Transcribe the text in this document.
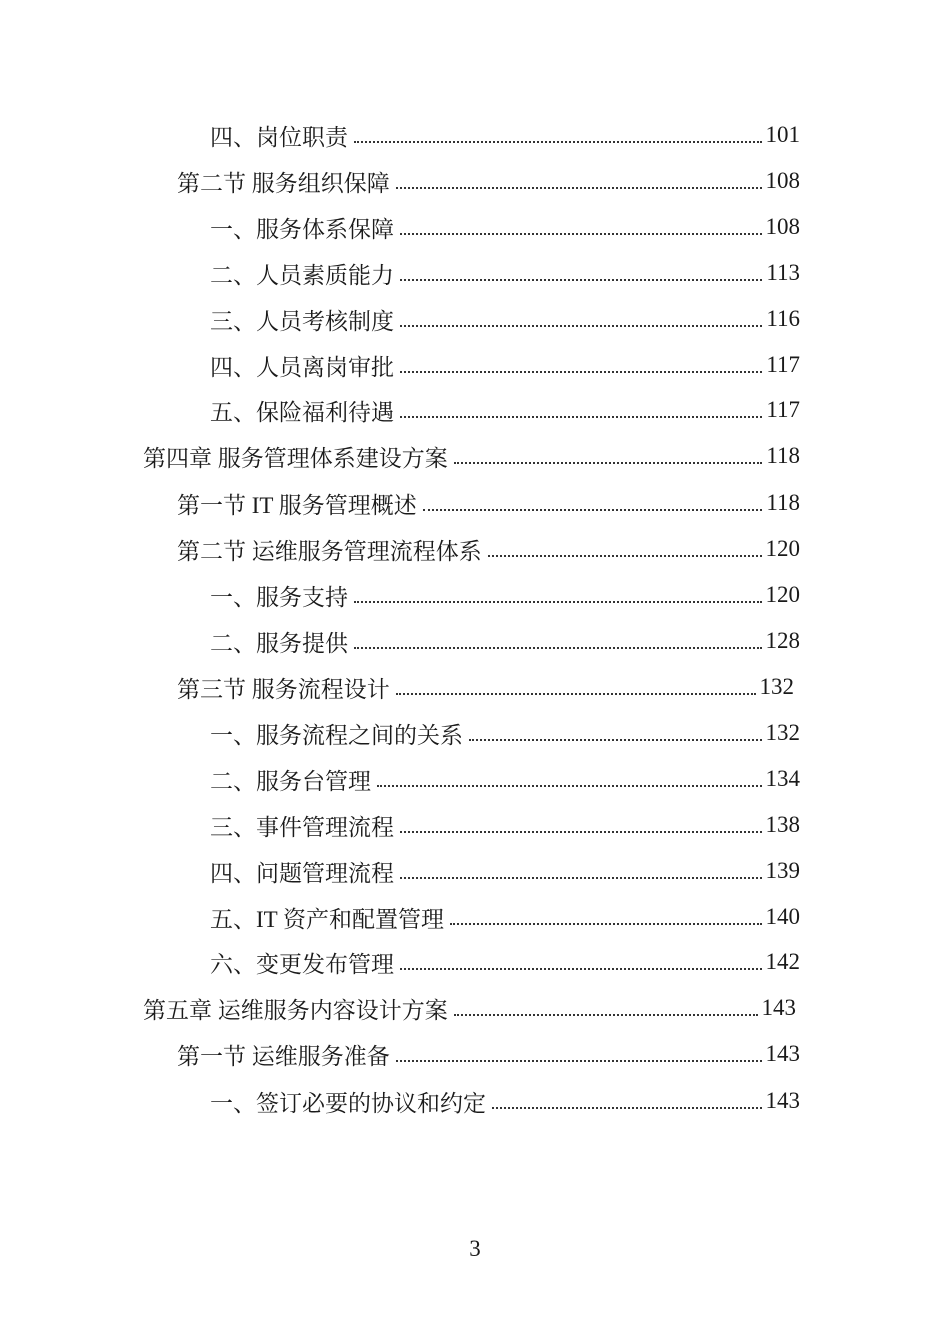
四、岗位职责	101
第二节 服务组织保障	108
一、服务体系保障	108
二、人员素质能力	113
三、人员考核制度	116
四、人员离岗审批	117
五、保险福利待遇	117
第四章 服务管理体系建设方案	118
第一节 IT 服务管理概述	118
第二节 运维服务管理流程体系	120
一、服务支持	120
二、服务提供	128
第三节 服务流程设计	132
一、服务流程之间的关系	132
二、服务台管理	134
三、事件管理流程	138
四、问题管理流程	139
五、IT 资产和配置管理	140
六、变更发布管理	142
第五章 运维服务内容设计方案	143
第一节 运维服务准备	143
一、签订必要的协议和约定	143
3
